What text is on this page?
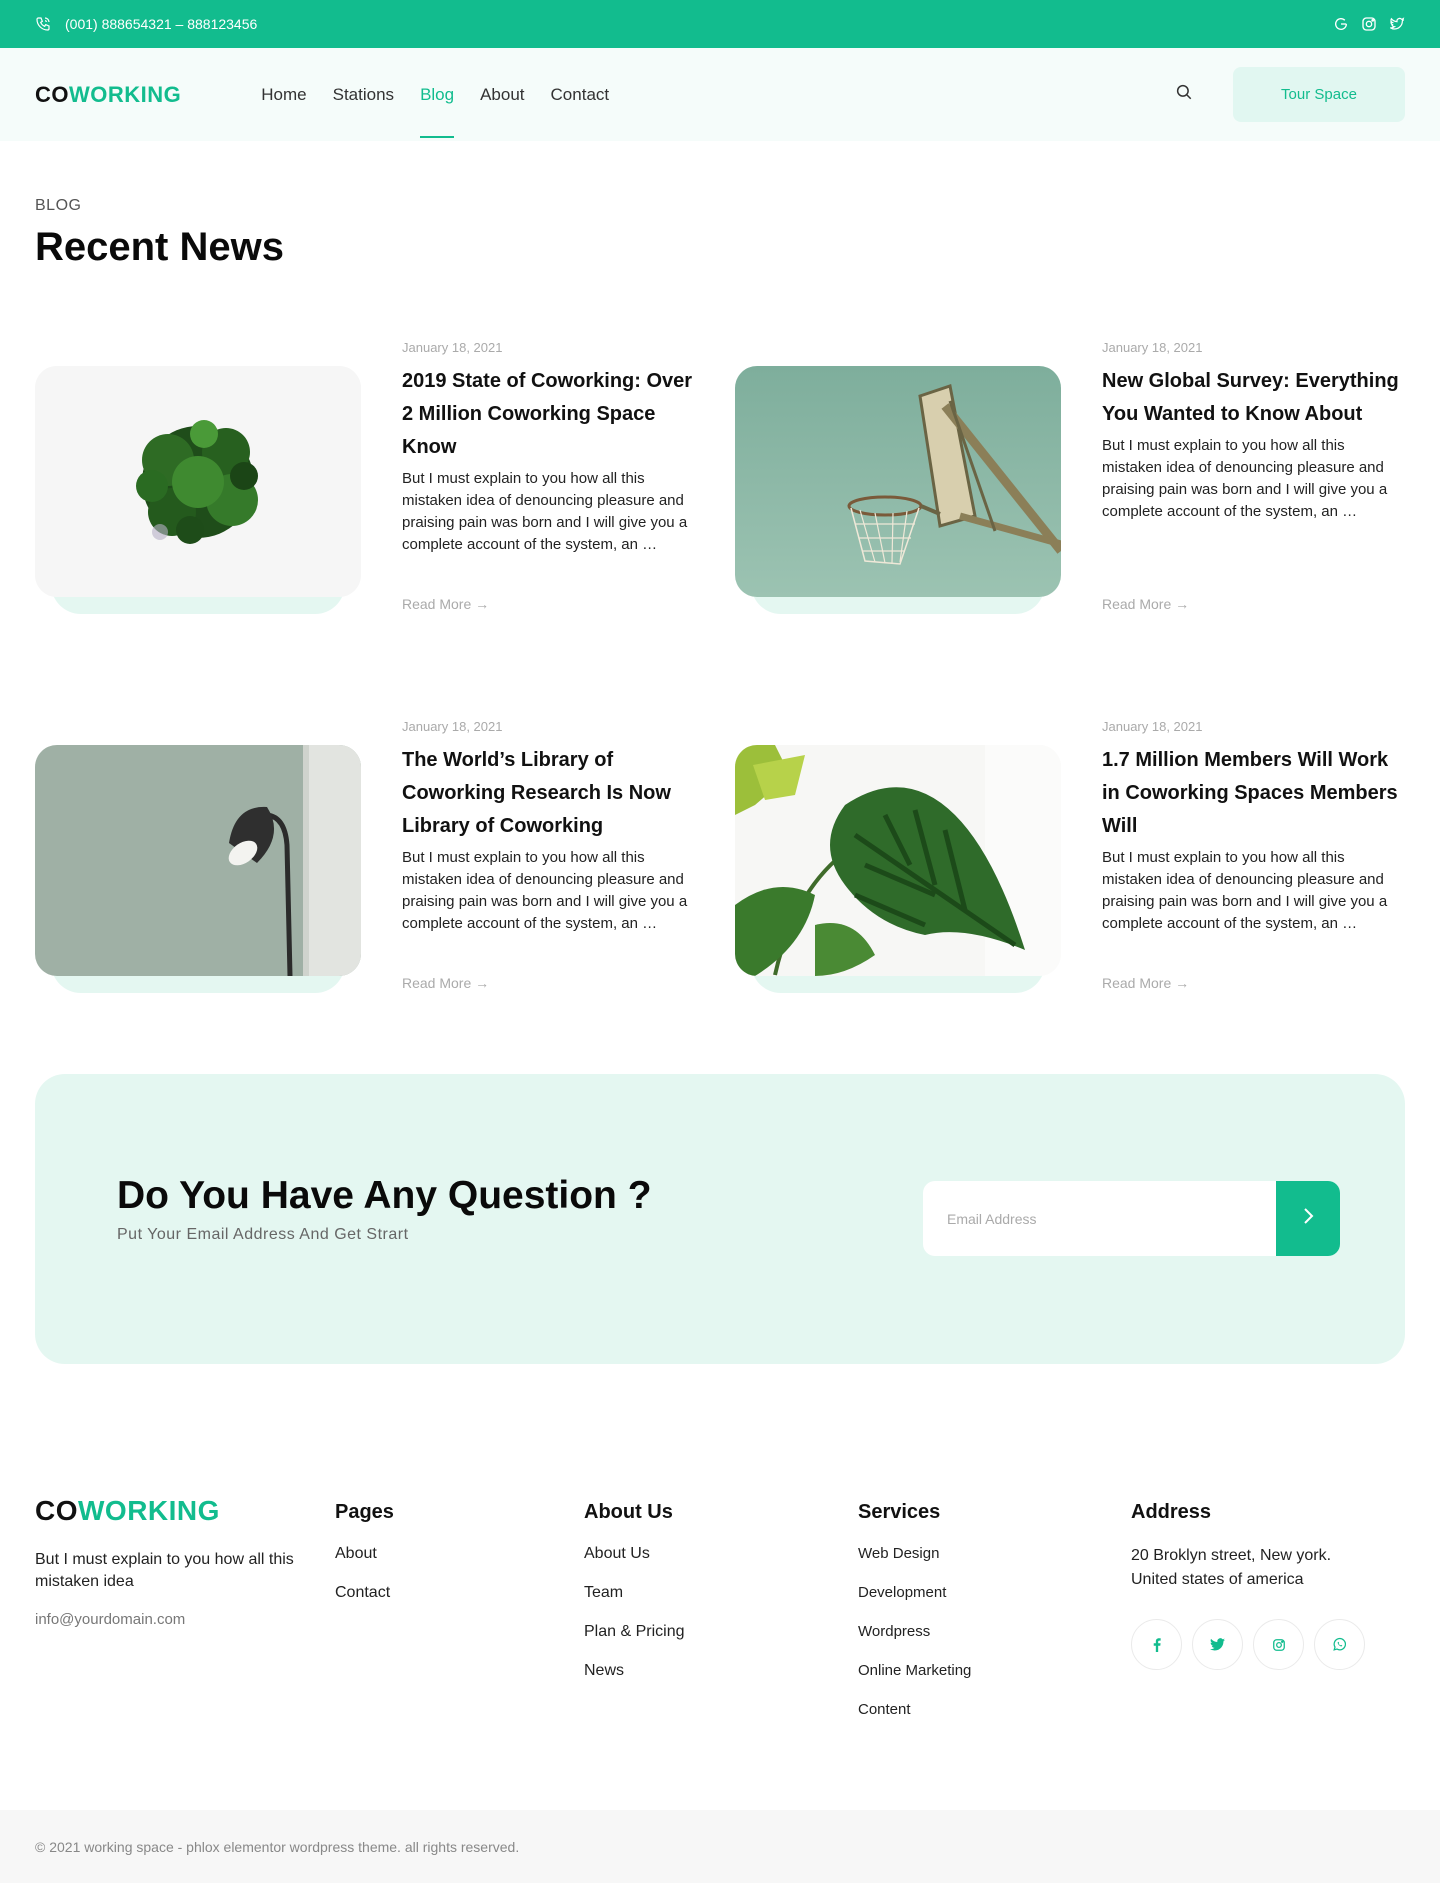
(001) 888654321 – 888123456
COWORKING	Home Stations Blog About Contact	Tour Space
BLOG
Recent News
January 18, 2021
2019 State of Coworking: Over 2 Million Coworking Space Know
But I must explain to you how all this mistaken idea of denouncing pleasure and praising pain was born and I will give you a complete account of the system, an …
Read More →
January 18, 2021
New Global Survey: Everything You Wanted to Know About
But I must explain to you how all this mistaken idea of denouncing pleasure and praising pain was born and I will give you a complete account of the system, an …
Read More →
January 18, 2021
The World’s Library of Coworking Research Is Now Library of Coworking
But I must explain to you how all this mistaken idea of denouncing pleasure and praising pain was born and I will give you a complete account of the system, an …
Read More →
January 18, 2021
1.7 Million Members Will Work in Coworking Spaces Members Will
But I must explain to you how all this mistaken idea of denouncing pleasure and praising pain was born and I will give you a complete account of the system, an …
Read More →
Do You Have Any Question ?
Put Your Email Address And Get Strart
Email Address
COWORKING
But I must explain to you how all this mistaken idea
info@yourdomain.com
Pages
About
Contact
About Us
About Us
Team
Plan & Pricing
News
Services
Web Design
Development
Wordpress
Online Marketing
Content
Address
20 Broklyn street, New york.
United states of america
© 2021 working space - phlox elementor wordpress theme. all rights reserved.
